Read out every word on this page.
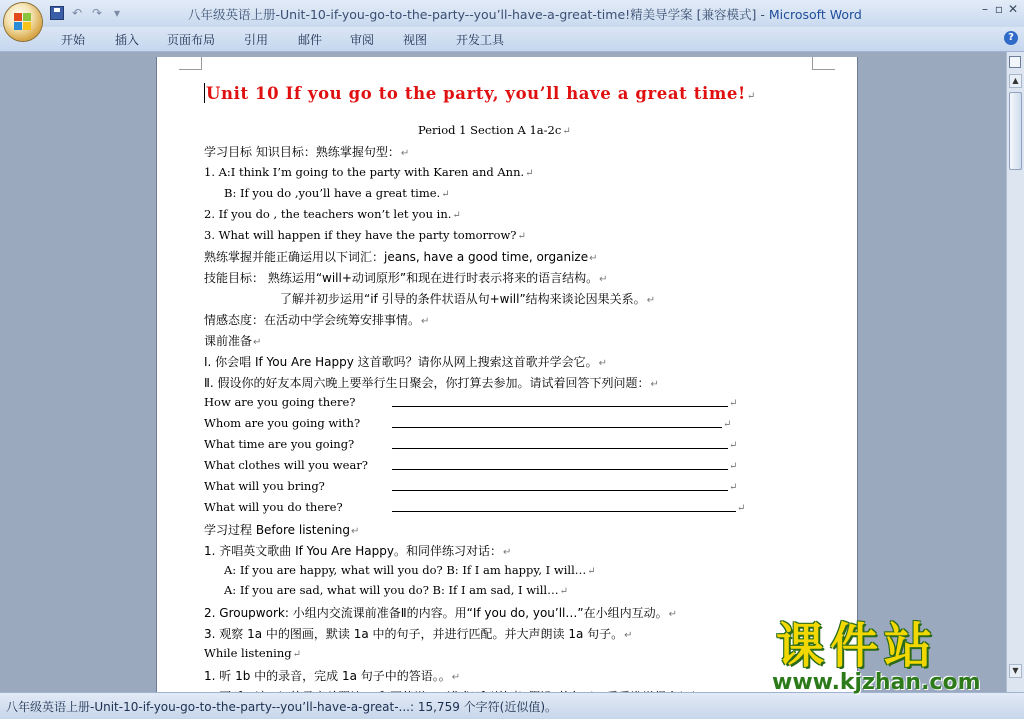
↶ ↷ ▾	八年级英语上册-Unit-10-if-you-go-to-the-party--you’ll-have-a-great-time!精美导学案 [兼容模式] - Microsoft Word	– ▫ ✕
开始 插入 页面布局 引用 邮件 审阅 视图 开发工具	?
Unit 10 If you go to the party, you’ll have a great time!↵
Period 1 Section A 1a-2c↵
学习目标 知识目标：熟练掌握句型：↵
1. A:I think I’m going to the party with Karen and Ann.↵
B: If you do ,you’ll have a great time.↵
2. If you do , the teachers won’t let you in.↵
3. What will happen if they have the party tomorrow?↵
熟练掌握并能正确运用以下词汇：jeans, have a good time, organize↵
技能目标： 熟练运用“will+动词原形”和现在进行时表示将来的语言结构。↵
了解并初步运用“if 引导的条件状语从句+will”结构来谈论因果关系。↵
情感态度：在活动中学会统筹安排事情。↵
课前准备↵
Ⅰ. 你会唱 If You Are Happy 这首歌吗？请你从网上搜索这首歌并学会它。↵
Ⅱ. 假设你的好友本周六晚上要举行生日聚会，你打算去参加。请试着回答下列问题：↵
How are you going there?	↵
Whom are you going with?	↵
What time are you going?	↵
What clothes will you wear?	↵
What will you bring?	↵
What will you do there?	↵
学习过程 Before listening↵
1. 齐唱英文歌曲 If You Are Happy。和同伴练习对话：↵
A: If you are happy, what will you do? B: If I am happy, I will…↵
A: If you are sad, what will you do? B: If I am sad, I will…↵
2. Groupwork: 小组内交流课前准备Ⅱ的内容。用“If you do, you’ll…”在小组内互动。↵
3. 观察 1a 中的图画，默读 1a 中的句子，并进行匹配。并大声朗读 1a 句子。↵
While listening↵
1. 听 1b 中的录音，完成 1a 句子中的答语。。↵
▲
▼
八年级英语上册-Unit-10-if-you-go-to-the-party--you’ll-have-a-great-...: 15,759 个字符(近似值)。
课件站
www.kjzhan.com
